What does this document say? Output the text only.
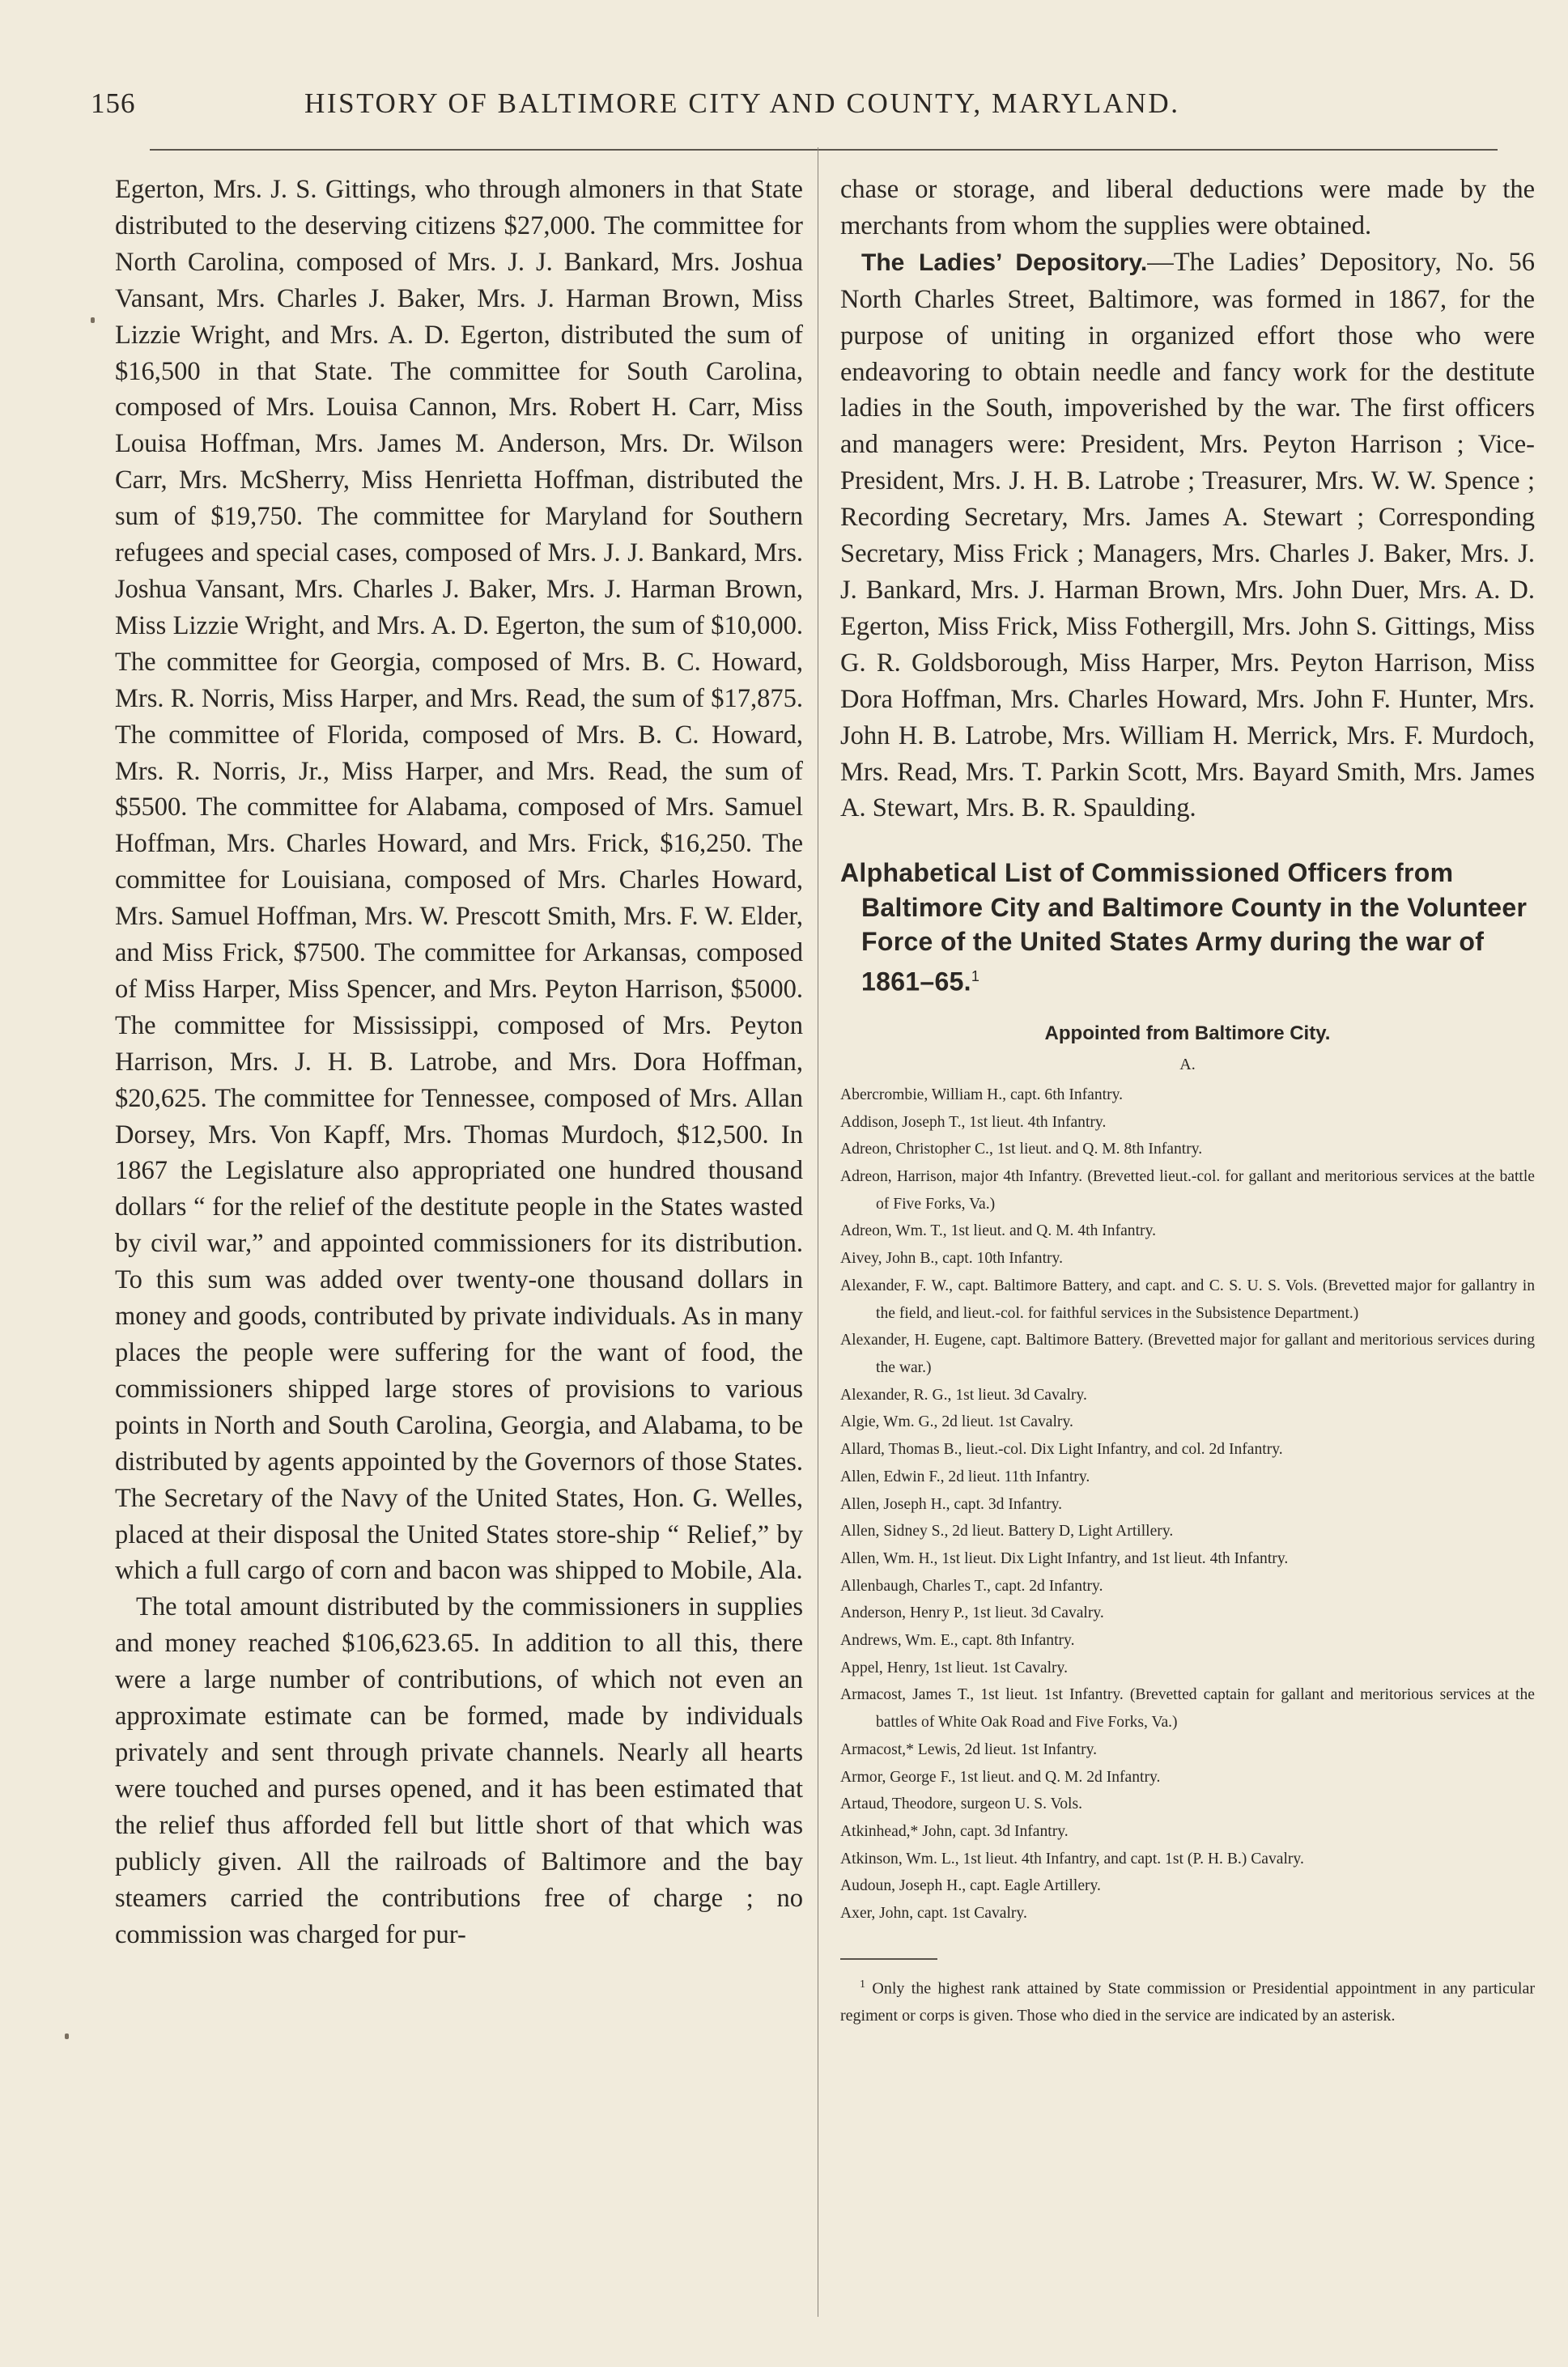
156	HISTORY OF BALTIMORE CITY AND COUNTY, MARYLAND.

Egerton, Mrs. J. S. Gittings, who through almoners in that State distributed to the deserving citizens $27,000. The committee for North Carolina, composed of Mrs. J. J. Bankard, Mrs. Joshua Vansant, Mrs. Charles J. Baker, Mrs. J. Harman Brown, Miss Lizzie Wright, and Mrs. A. D. Egerton, distributed the sum of $16,500 in that State. The committee for South Carolina, composed of Mrs. Louisa Cannon, Mrs. Robert H. Carr, Miss Louisa Hoffman, Mrs. James M. Anderson, Mrs. Dr. Wilson Carr, Mrs. McSherry, Miss Henrietta Hoffman, distributed the sum of $19,750. The committee for Maryland for Southern refugees and special cases, composed of Mrs. J. J. Bankard, Mrs. Joshua Vansant, Mrs. Charles J. Baker, Mrs. J. Harman Brown, Miss Lizzie Wright, and Mrs. A. D. Egerton, the sum of $10,000. The committee for Georgia, composed of Mrs. B. C. Howard, Mrs. R. Norris, Miss Harper, and Mrs. Read, the sum of $17,875. The committee of Florida, composed of Mrs. B. C. Howard, Mrs. R. Norris, Jr., Miss Harper, and Mrs. Read, the sum of $5500. The committee for Alabama, composed of Mrs. Samuel Hoffman, Mrs. Charles Howard, and Mrs. Frick, $16,250. The committee for Louisiana, composed of Mrs. Charles Howard, Mrs. Samuel Hoffman, Mrs. W. Prescott Smith, Mrs. F. W. Elder, and Miss Frick, $7500. The committee for Arkansas, composed of Miss Harper, Miss Spencer, and Mrs. Peyton Harrison, $5000. The committee for Mississippi, composed of Mrs. Peyton Harrison, Mrs. J. H. B. Latrobe, and Mrs. Dora Hoffman, $20,625. The committee for Tennessee, composed of Mrs. Allan Dorsey, Mrs. Von Kapff, Mrs. Thomas Murdoch, $12,500. In 1867 the Legislature also appropriated one hundred thousand dollars “ for the relief of the destitute people in the States wasted by civil war,” and appointed commissioners for its distribution. To this sum was added over twenty-one thousand dollars in money and goods, contributed by private individuals. As in many places the people were suffering for the want of food, the commissioners shipped large stores of provisions to various points in North and South Carolina, Georgia, and Alabama, to be distributed by agents appointed by the Governors of those States. The Secretary of the Navy of the United States, Hon. G. Welles, placed at their disposal the United States store-ship “ Relief,” by which a full cargo of corn and bacon was shipped to Mobile, Ala.

The total amount distributed by the commissioners in supplies and money reached $106,623.65. In addition to all this, there were a large number of contributions, of which not even an approximate estimate can be formed, made by individuals privately and sent through private channels. Nearly all hearts were touched and purses opened, and it has been estimated that the relief thus afforded fell but little short of that which was publicly given. All the railroads of Baltimore and the bay steamers carried the contributions free of charge ; no commission was charged for pur-

chase or storage, and liberal deductions were made by the merchants from whom the supplies were obtained.

The Ladies’ Depository.—The Ladies’ Depository, No. 56 North Charles Street, Baltimore, was formed in 1867, for the purpose of uniting in organized effort those who were endeavoring to obtain needle and fancy work for the destitute ladies in the South, impoverished by the war. The first officers and managers were: President, Mrs. Peyton Harrison ; Vice-President, Mrs. J. H. B. Latrobe ; Treasurer, Mrs. W. W. Spence ; Recording Secretary, Mrs. James A. Stewart ; Corresponding Secretary, Miss Frick ; Managers, Mrs. Charles J. Baker, Mrs. J. J. Bankard, Mrs. J. Harman Brown, Mrs. John Duer, Mrs. A. D. Egerton, Miss Frick, Miss Fothergill, Mrs. John S. Gittings, Miss G. R. Goldsborough, Miss Harper, Mrs. Peyton Harrison, Miss Dora Hoffman, Mrs. Charles Howard, Mrs. John F. Hunter, Mrs. John H. B. Latrobe, Mrs. William H. Merrick, Mrs. F. Murdoch, Mrs. Read, Mrs. T. Parkin Scott, Mrs. Bayard Smith, Mrs. James A. Stewart, Mrs. B. R. Spaulding.

Alphabetical List of Commissioned Officers from Baltimore City and Baltimore County in the Volunteer Force of the United States Army during the war of 1861–65.$^1$
Appointed from Baltimore City.
A.
Abercrombie, William H., capt. 6th Infantry.
Addison, Joseph T., 1st lieut. 4th Infantry.
Adreon, Christopher C., 1st lieut. and Q. M. 8th Infantry.
Adreon, Harrison, major 4th Infantry. (Brevetted lieut.-col. for gallant and meritorious services at the battle of Five Forks, Va.)
Adreon, Wm. T., 1st lieut. and Q. M. 4th Infantry.
Aivey, John B., capt. 10th Infantry.
Alexander, F. W., capt. Baltimore Battery, and capt. and C. S. U. S. Vols. (Brevetted major for gallantry in the field, and lieut.-col. for faithful services in the Subsistence Department.)
Alexander, H. Eugene, capt. Baltimore Battery. (Brevetted major for gallant and meritorious services during the war.)
Alexander, R. G., 1st lieut. 3d Cavalry.
Algie, Wm. G., 2d lieut. 1st Cavalry.
Allard, Thomas B., lieut.-col. Dix Light Infantry, and col. 2d Infantry.
Allen, Edwin F., 2d lieut. 11th Infantry.
Allen, Joseph H., capt. 3d Infantry.
Allen, Sidney S., 2d lieut. Battery D, Light Artillery.
Allen, Wm. H., 1st lieut. Dix Light Infantry, and 1st lieut. 4th Infantry.
Allenbaugh, Charles T., capt. 2d Infantry.
Anderson, Henry P., 1st lieut. 3d Cavalry.
Andrews, Wm. E., capt. 8th Infantry.
Appel, Henry, 1st lieut. 1st Cavalry.
Armacost, James T., 1st lieut. 1st Infantry. (Brevetted captain for gallant and meritorious services at the battles of White Oak Road and Five Forks, Va.)
Armacost,* Lewis, 2d lieut. 1st Infantry.
Armor, George F., 1st lieut. and Q. M. 2d Infantry.
Artaud, Theodore, surgeon U. S. Vols.
Atkinhead,* John, capt. 3d Infantry.
Atkinson, Wm. L., 1st lieut. 4th Infantry, and capt. 1st (P. H. B.) Cavalry.
Audoun, Joseph H., capt. Eagle Artillery.
Axer, John, capt. 1st Cavalry.
$^1$ Only the highest rank attained by State commission or Presidential appointment in any particular regiment or corps is given. Those who died in the service are indicated by an asterisk.
